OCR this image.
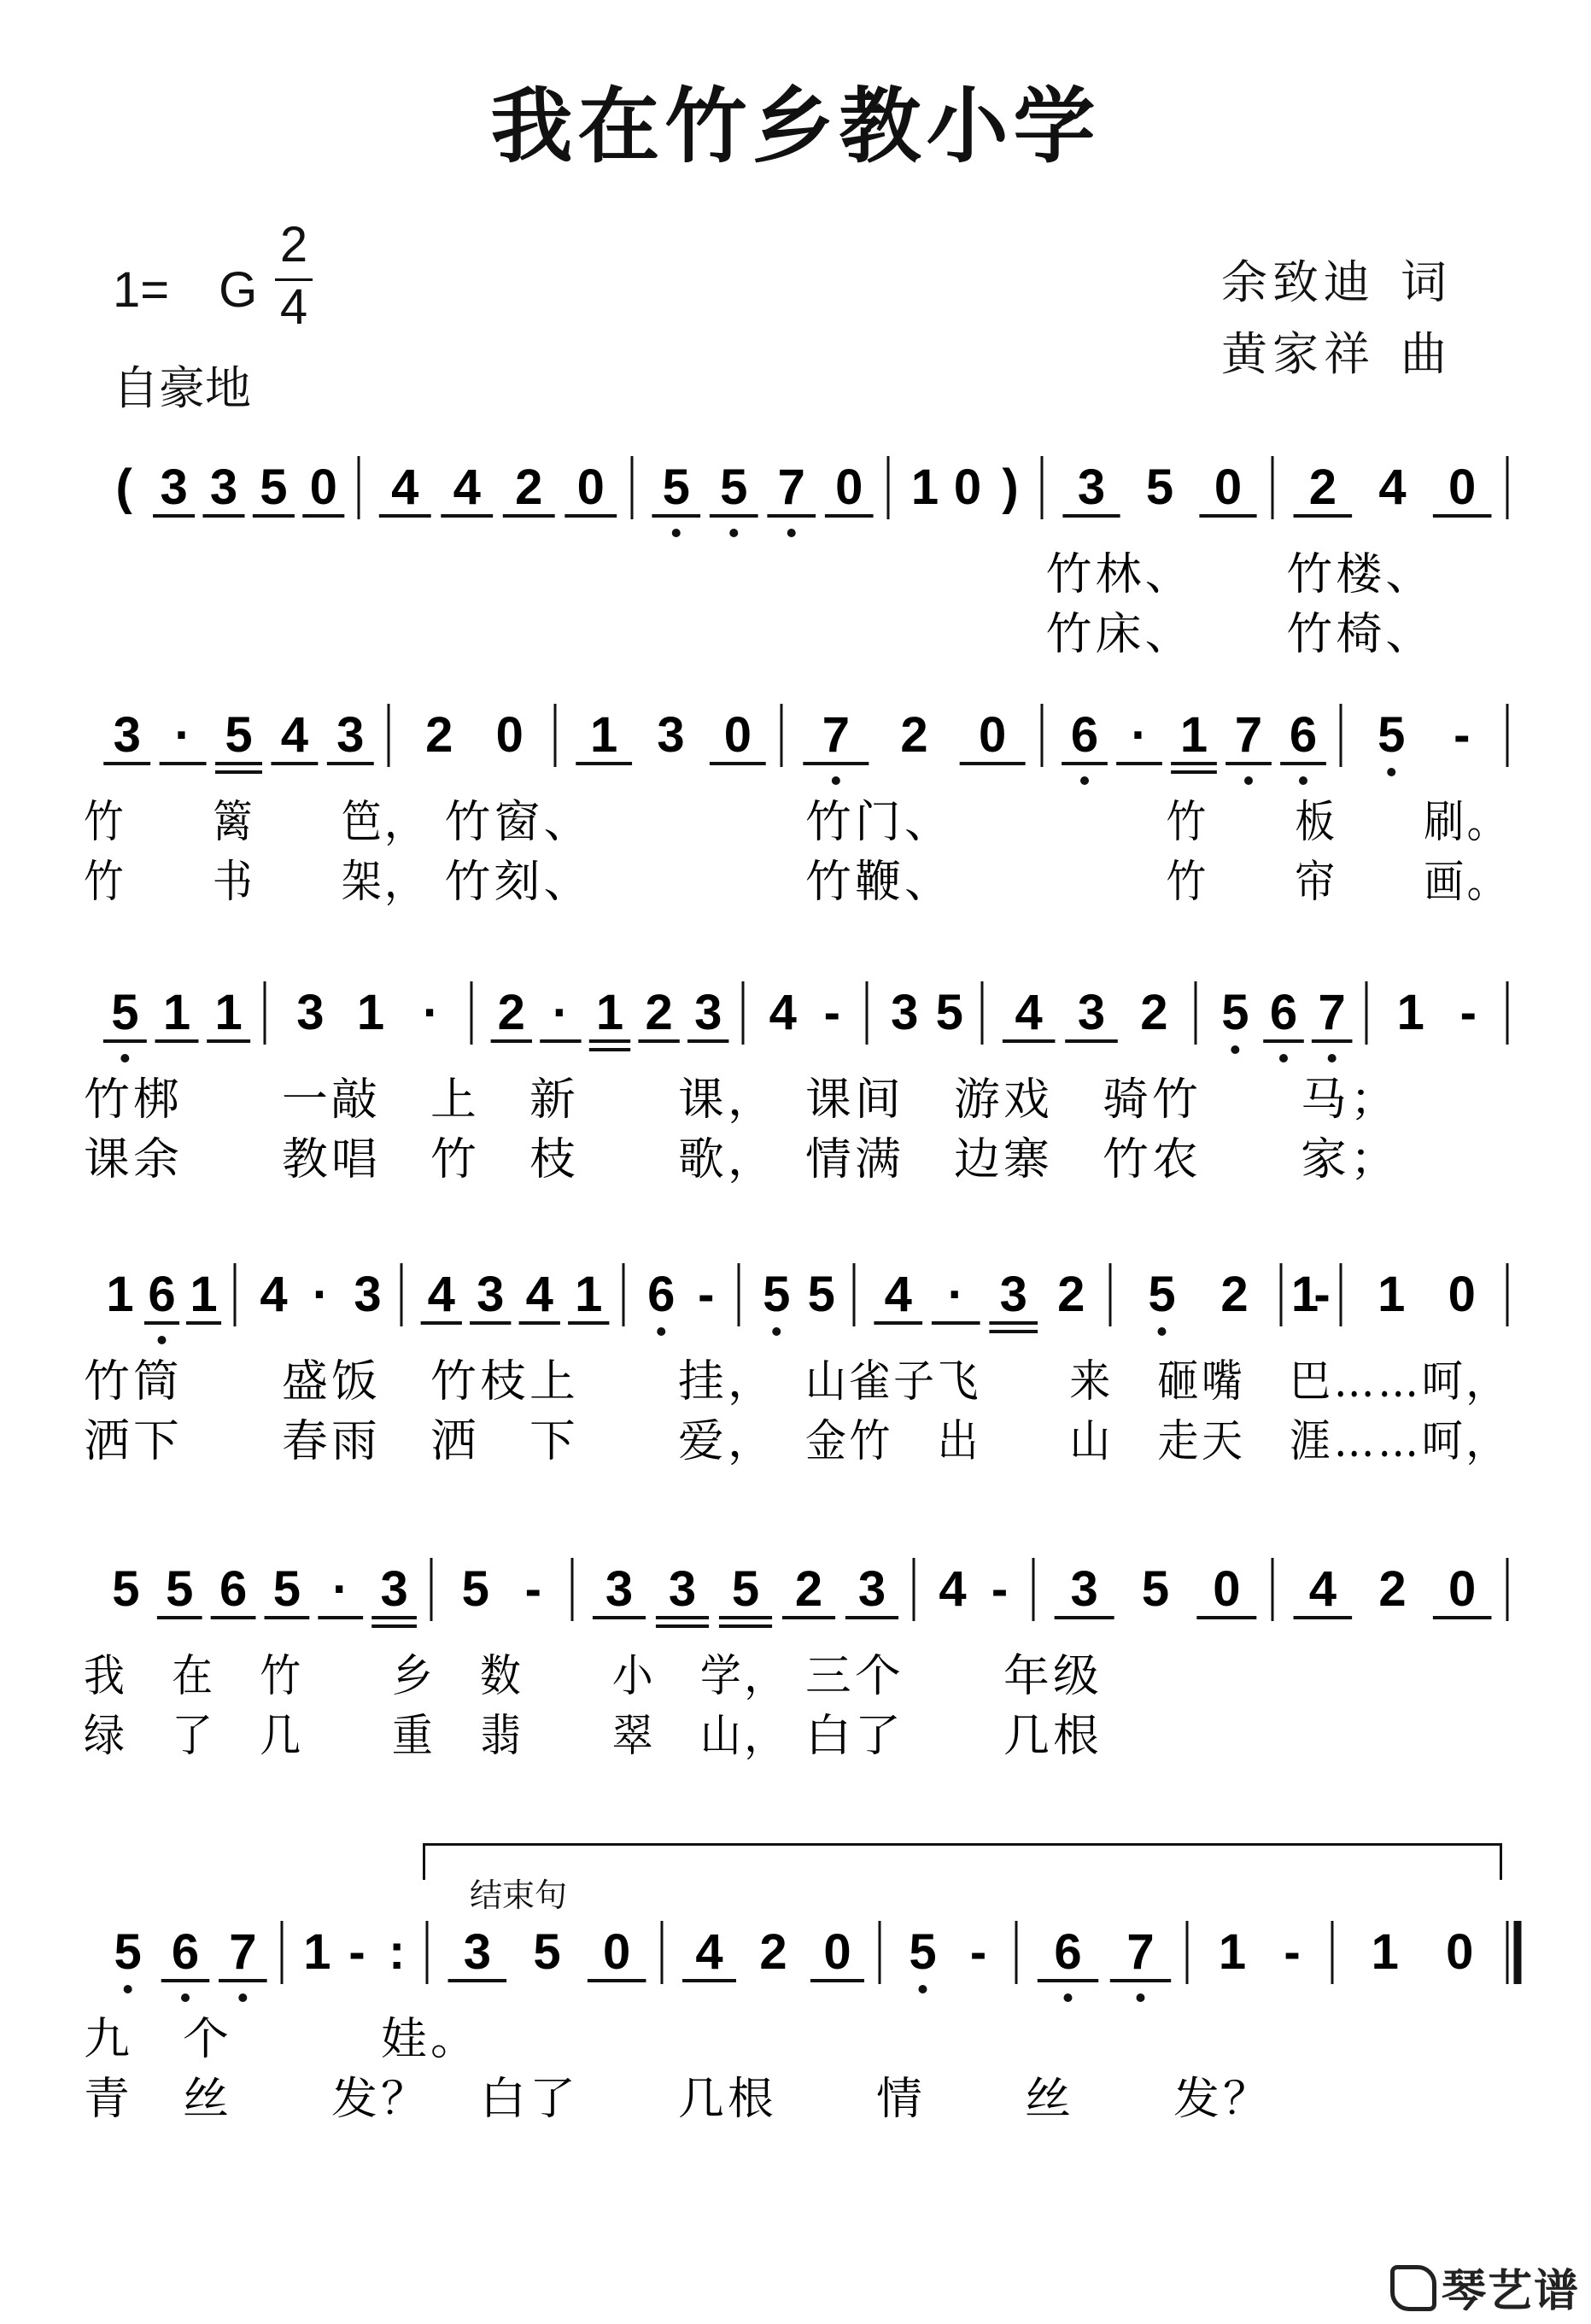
我在竹乡教小学
1=　G
2
4
自豪地
余致迪 词
黄家祥 曲
结束句
( 3 3 5 0 4 4 2 0 5 5 7 0 1 0 ) 3 5 0 2 4 0
竹林、 竹楼、
竹床、 竹椅、
3 · 5 4 3 2 0 1 3 0 7 2 0 6 · 1 7 6 5 -
竹　　篱　　笆， 竹窗、	竹门、	竹　　板　　刷。
竹　　书　　架， 竹刻、	竹鞭、	竹　　帘　　画。
5 1 1 3 1 · 2 · 1 2 3 4 - 3 5 4 3 2 5 6 7 1 -
竹梆　　一敲　上　新　　课， 课间　游戏　骑竹　　马；
课余　　教唱　竹　枝　　歌， 情满　边寨　竹农　　家；
1 6 1 4 · 3 4 3 4 1 6 - 5 5 4 · 3 2 5 2 1
- 1 0
竹筒　　盛饭　竹枝上　　挂， 山雀子飞　　来　砸嘴　巴……呵，
洒下　　春雨　洒　下　　爱， 金竹　出　　山　走天　涯……呵，
5 5 6 5 · 3 5 - 3 3 5 2 3 4 - 3 5 0 4 2 0
我　在　竹　　乡　数　　小　学， 三个　　年级
绿　了　几　　重　翡　　翠　山， 白了　　几根
5 6 7 1 - : 3 5 0 4 2 0 5 - 6 7 1 - 1 0
九　个　　　娃。
青　丝　　发？　白了　　几根　　情　　丝　　发？
琴艺谱
